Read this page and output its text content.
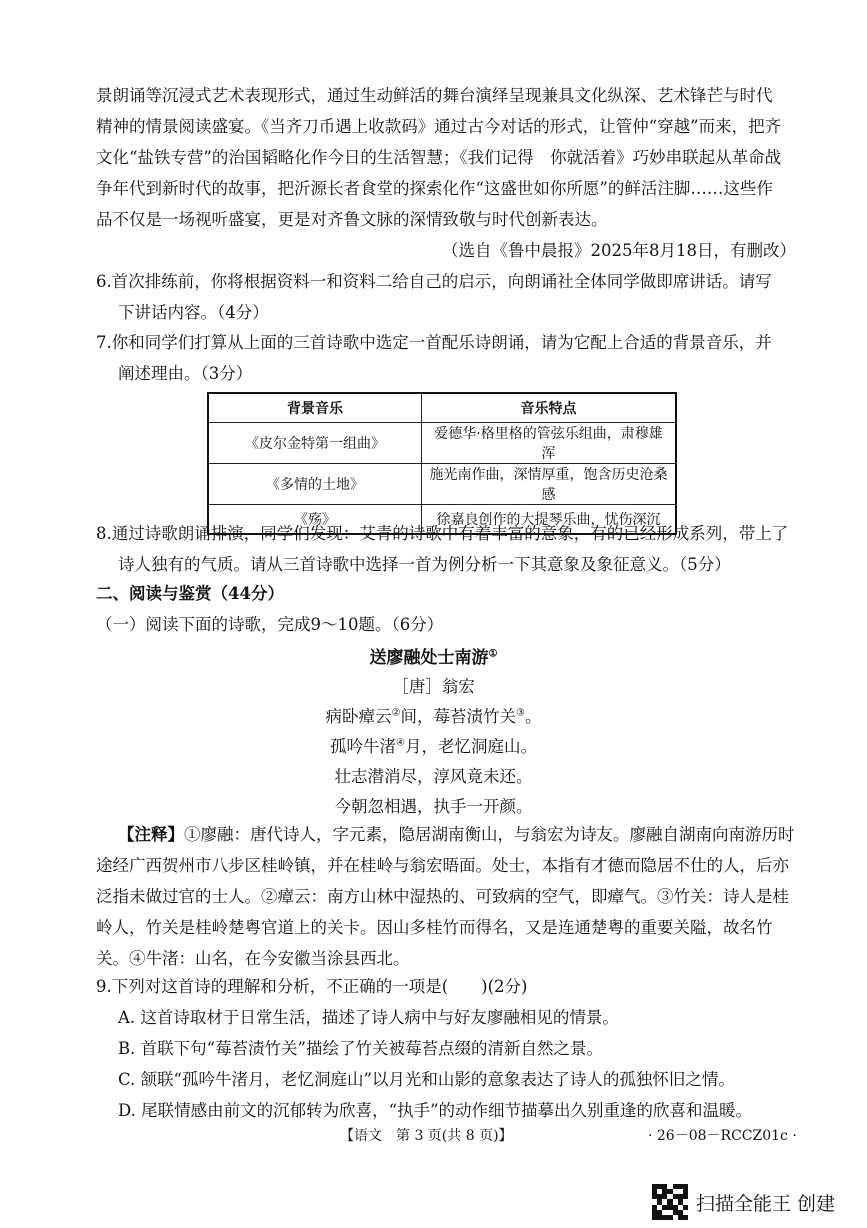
景朗诵等沉浸式艺术表现形式，通过生动鲜活的舞台演绎呈现兼具文化纵深、艺术锋芒与时代
精神的情景阅读盛宴。《当齐刀币遇上收款码》通过古今对话的形式，让管仲“穿越”而来，把齐
文化“盐铁专营”的治国韬略化作今日的生活智慧；《我们记得　你就活着》巧妙串联起从革命战
争年代到新时代的故事，把沂源长者食堂的探索化作“这盛世如你所愿”的鲜活注脚……这些作
品不仅是一场视听盛宴，更是对齐鲁文脉的深情致敬与时代创新表达。
（选自《鲁中晨报》2025年8月18日，有删改）
6.首次排练前，你将根据资料一和资料二给自己的启示，向朗诵社全体同学做即席讲话。请写
下讲话内容。（4分）
7.你和同学们打算从上面的三首诗歌中选定一首配乐诗朗诵，请为它配上合适的背景音乐，并
阐述理由。（3分）
背景音乐	音乐特点
《皮尔金特第一组曲》	爱德华·格里格的管弦乐组曲，肃穆雄浑
《多情的土地》	施光南作曲，深情厚重，饱含历史沧桑感
《殇》	徐嘉良创作的大提琴乐曲，忧伤深沉
8.通过诗歌朗诵排演，同学们发现：艾青的诗歌中有着丰富的意象，有的已经形成系列，带上了
诗人独有的气质。请从三首诗歌中选择一首为例分析一下其意象及象征意义。（5分）
二、阅读与鉴赏（44分）
（一）阅读下面的诗歌，完成9～10题。（6分）
送廖融处士南游①
［唐］翁宏
病卧瘴云②间，莓苔渍竹关③。
孤吟牛渚④月，老忆洞庭山。
壮志潜消尽，淳风竟未还。
今朝忽相遇，执手一开颜。
【注释】①廖融：唐代诗人，字元素，隐居湖南衡山，与翁宏为诗友。廖融自湖南向南游历时
途经广西贺州市八步区桂岭镇，并在桂岭与翁宏晤面。处士，本指有才德而隐居不仕的人，后亦
泛指未做过官的士人。②瘴云：南方山林中湿热的、可致病的空气，即瘴气。③竹关：诗人是桂
岭人，竹关是桂岭楚粤官道上的关卡。因山多桂竹而得名，又是连通楚粤的重要关隘，故名竹
关。④牛渚：山名，在今安徽当涂县西北。
9.下列对这首诗的理解和分析，不正确的一项是(　　)(2分)
A. 这首诗取材于日常生活，描述了诗人病中与好友廖融相见的情景。
B. 首联下句“莓苔渍竹关”描绘了竹关被莓苔点缀的清新自然之景。
C. 颔联“孤吟牛渚月，老忆洞庭山”以月光和山影的意象表达了诗人的孤独怀旧之情。
D. 尾联情感由前文的沉郁转为欣喜，“执手”的动作细节描摹出久别重逢的欣喜和温暖。
【语文　第 3 页(共 8 页)】	· 26－08－RCCZ01c ·
扫描全能王 创建
